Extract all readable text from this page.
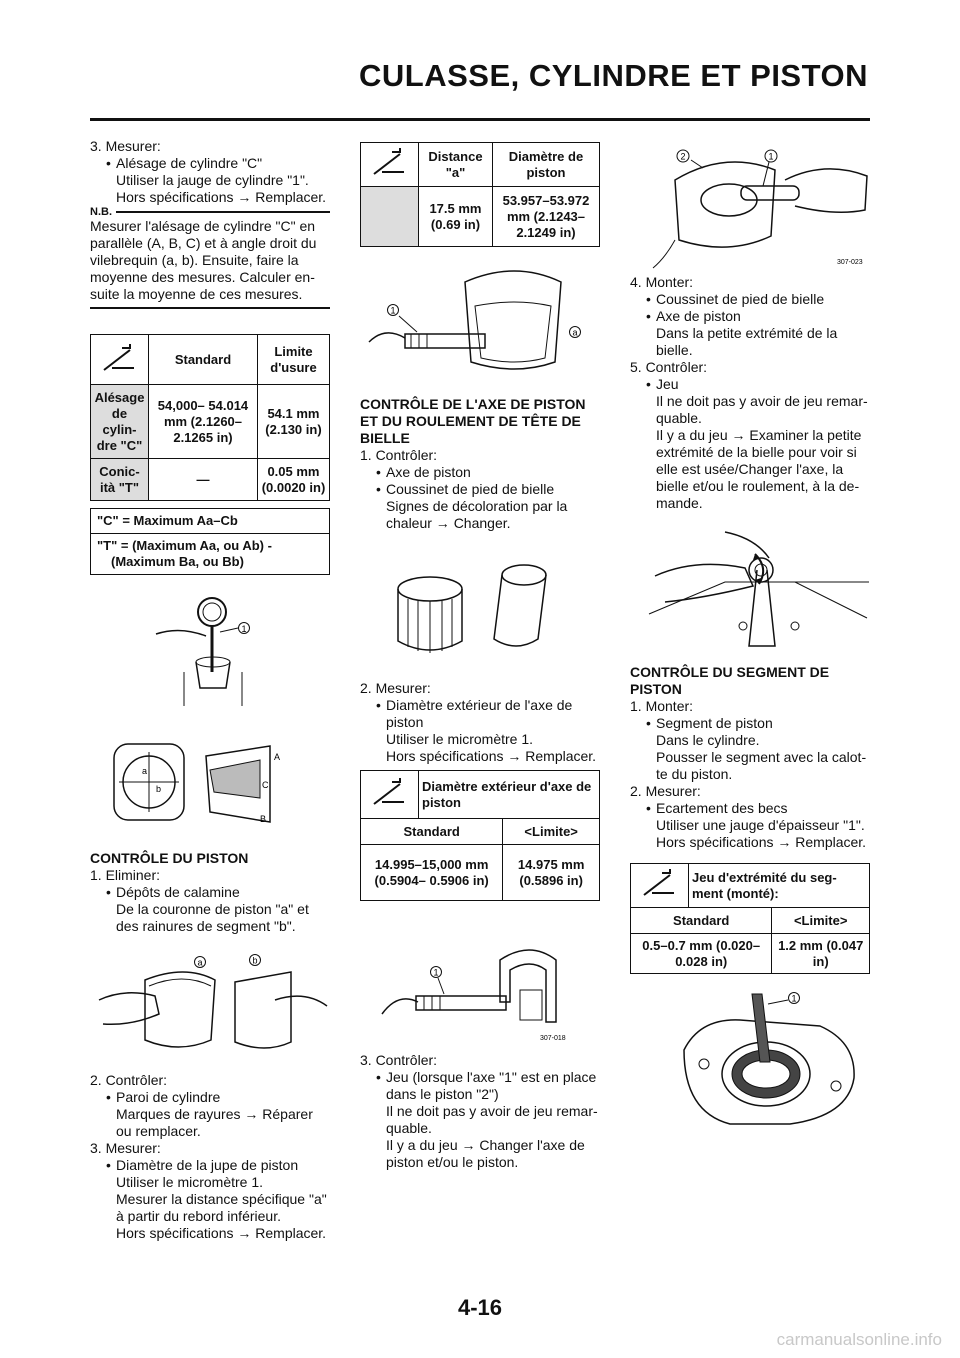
CULASSE, CYLINDRE ET PISTON

3. Mesurer:

• Alésage de cylindre "C"

Utiliser la jauge de cylindre "1".

Hors spécifications → Remplacer.

N.B.

Mesurer l'alésage de cylindre "C" en

parallèle (A, B, C) et à angle droit du

vilebrequin (a, b). Ensuite, faire la

moyenne des mesures. Calculer en-

suite la moyenne de ces mesures.

	Standard	Limite d'usure
Alésage de cylin- dre "C"	54,000– 54.014 mm (2.1260– 2.1265 in)	54.1 mm (2.130 in)
Conic- ità "T"	—	0.05 mm (0.0020 in)
"C" = Maximum Aa–Cb

"T" = (Maximum Aa, ou Ab) -
(Maximum Ba, ou Bb)
1
a
b
A
C
B

CONTRÔLE DU PISTON

1. Eliminer:

• Dépôts de calamine

De la couronne de piston "a" et

des rainures de segment "b".

a	b

2. Contrôler:

• Paroi de cylindre

Marques de rayures → Réparer

ou remplacer.

3. Mesurer:

• Diamètre de la jupe de piston

Utiliser le micromètre 1.

Mesurer la distance spécifique "a"

à partir du rebord inférieur.

Hors spécifications → Remplacer.

	Distance "a"	Diamètre de piston
	17.5 mm (0.69 in)	53.957–53.972 mm (2.1243– 2.1249 in)
1
a

CONTRÔLE DE L'AXE DE PISTON

ET DU ROULEMENT DE TÊTE DE

BIELLE

1. Contrôler:

• Axe de piston

• Coussinet de pied de bielle

Signes de décoloration par la

chaleur → Changer.

2. Mesurer:

• Diamètre extérieur de l'axe de

piston

Utiliser le micromètre 1.

Hors spécifications → Remplacer.

	Diamètre extérieur d'axe de piston	
Standard		<Limite>
14.995–15,000 mm (0.5904– 0.5906 in)		14.975 mm (0.5896 in)
1
307-018

3. Contrôler:

• Jeu (lorsque l'axe "1" est en place

dans le piston "2")

Il ne doit pas y avoir de jeu remar-

quable.

Il y a du jeu → Changer l'axe de

piston et/ou le piston.

2	1
307-023

4. Monter:

• Coussinet de pied de bielle

• Axe de piston

Dans la petite extrémité de la

bielle.

5. Contrôler:

• Jeu

Il ne doit pas y avoir de jeu remar-

quable.

Il y a du jeu → Examiner la petite

extrémité de la bielle pour voir si

elle est usée/Changer l'axe, la

bielle et/ou le roulement, à la de-

mande.

CONTRÔLE DU SEGMENT DE

PISTON

1. Monter:

• Segment de piston

Dans le cylindre.

Pousser le segment avec la calot-

te du piston.

2. Mesurer:

• Ecartement des becs

Utiliser une jauge d'épaisseur "1".

Hors spécifications → Remplacer.

	Jeu d'extrémité du seg- ment (monté):	
Standard		<Limite>
0.5–0.7 mm (0.020–0.028 in)		1.2 mm (0.047 in)
1
4-16
carmanualsonline.info
